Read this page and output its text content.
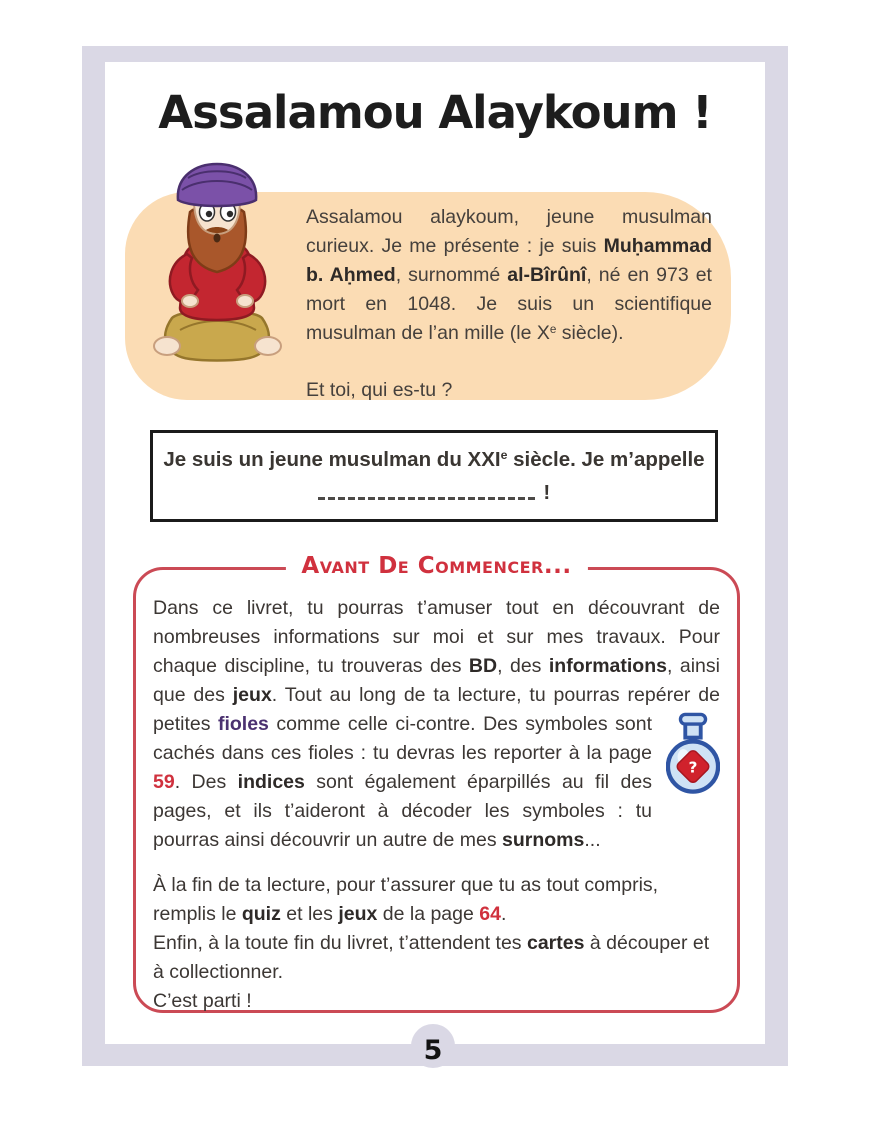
5
Assalamou Alaykoum !

Assalamou alaykoum, jeune musulman curieux. Je me présente : je suis Muḥammad b. Aḥmed, surnommé al-Bîrûnî, né en 973 et mort en 1048. Je suis un scientifique musulman de l’an mille (le Xe siècle).

Et toi, qui es-tu ?

Je suis un jeune musulman du XXIe siècle. Je m’appelle
!
Avant De Commencer...

Dans ce livret, tu pourras t’amuser tout en découvrant de nombreuses informations sur moi et sur mes travaux. Pour chaque discipline, tu trouveras des BD, des informations, ainsi que des jeux. Tout au long de ta lecture, tu pourras repérer de petites fioles
?
comme celle ci-contre. Des symboles sont cachés dans ces fioles : tu devras les reporter à la page 59. Des indices sont également éparpillés au fil des pages, et ils t’aideront à décoder les symboles : tu pourras ainsi découvrir un autre de mes surnoms...

À la fin de ta lecture, pour t’assurer que tu as tout compris, remplis le quiz et les jeux de la page 64.

Enfin, à la toute fin du livret, t’attendent tes cartes à découper et à collectionner.

C’est parti !
